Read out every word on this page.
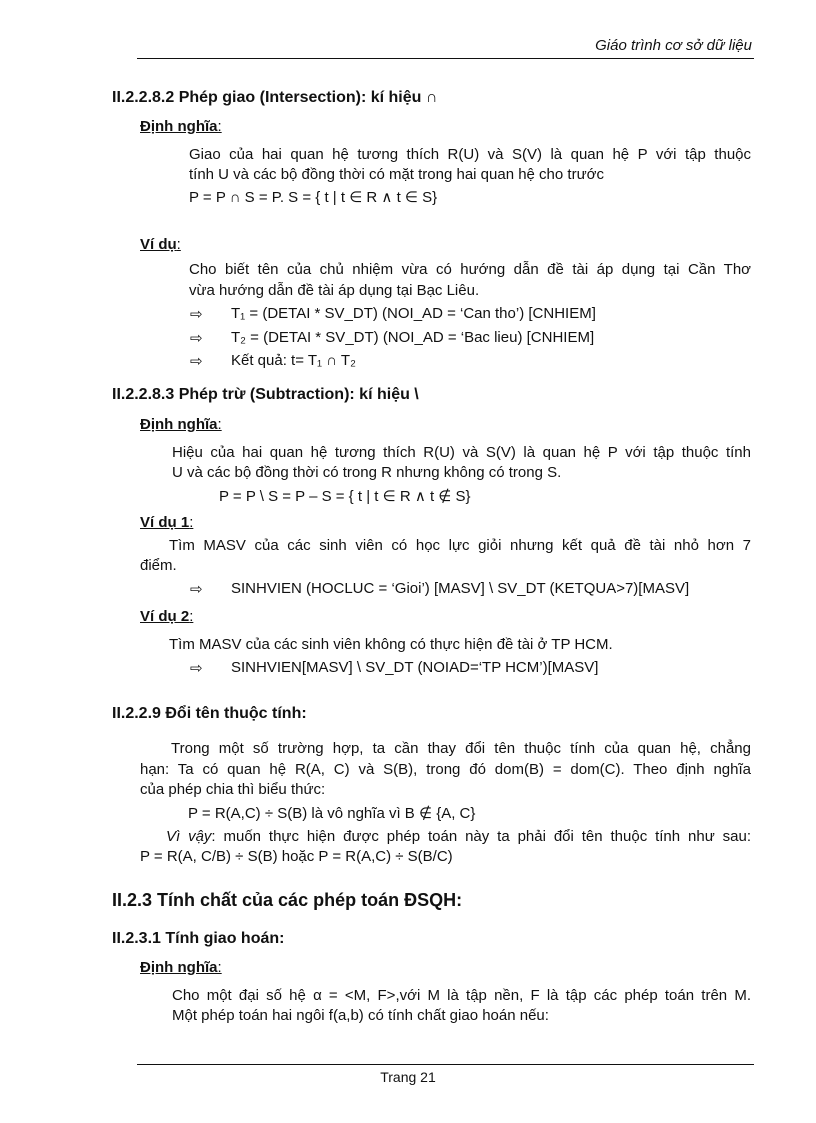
Giáo trình cơ sở dữ liệu
II.2.2.8.2 Phép giao (Intersection): kí hiệu ∩
Định nghĩa:
Giao của hai quan hệ tương thích R(U) và S(V) là quan hệ P với tập thuộc
tính U và các bộ đồng thời có mặt trong hai quan hệ cho trước
P = P ∩ S = P. S = { t | t ∈ R ∧ t ∈ S}
Ví dụ:
Cho biết tên của chủ nhiệm vừa có hướng dẫn đề tài áp dụng tại Cần Thơ
vừa hướng dẫn đề tài áp dụng tại Bạc Liêu.
⇨ T₁ = (DETAI * SV_DT) (NOI_AD = ‘Can tho’) [CNHIEM]
⇨ T₂ = (DETAI * SV_DT) (NOI_AD = ‘Bac lieu) [CNHIEM]
⇨ Kết quả: t= T₁ ∩ T₂
II.2.2.8.3 Phép trừ (Subtraction): kí hiệu \
Định nghĩa:
Hiệu của hai quan hệ tương thích R(U) và S(V) là quan hệ P với tập thuộc tính
U và các bộ đồng thời có trong R nhưng không có trong S.
P = P \ S = P – S = { t | t ∈ R ∧ t ∉ S}
Ví dụ 1:
Tìm MASV của các sinh viên có học lực giỏi nhưng kết quả đề tài nhỏ hơn 7
điểm.
⇨ SINHVIEN (HOCLUC = ‘Gioi’) [MASV] \ SV_DT (KETQUA>7)[MASV]
Ví dụ 2:
Tìm MASV của các sinh viên không có thực hiện đề tài ở TP HCM.
⇨ SINHVIEN[MASV] \ SV_DT (NOIAD=‘TP HCM’)[MASV]
II.2.2.9 Đổi tên thuộc tính:
Trong một số trường hợp, ta cần thay đổi tên thuộc tính của quan hệ, chẳng
hạn: Ta có quan hệ R(A, C) và S(B), trong đó dom(B) = dom(C). Theo định nghĩa
của phép chia thì biểu thức:
P = R(A,C) ÷ S(B) là vô nghĩa vì B ∉ {A, C}
Vì vậy: muốn thực hiện được phép toán này ta phải đổi tên thuộc tính như sau:
P = R(A, C/B) ÷ S(B) hoặc P = R(A,C) ÷ S(B/C)
II.2.3 Tính chất của các phép toán ĐSQH:
II.2.3.1 Tính giao hoán:
Định nghĩa:
Cho một đại số hệ α = <M, F>,với M là tập nền, F là tập các phép toán trên M.
Một phép toán hai ngôi f(a,b) có tính chất giao hoán nếu:
Trang 21
